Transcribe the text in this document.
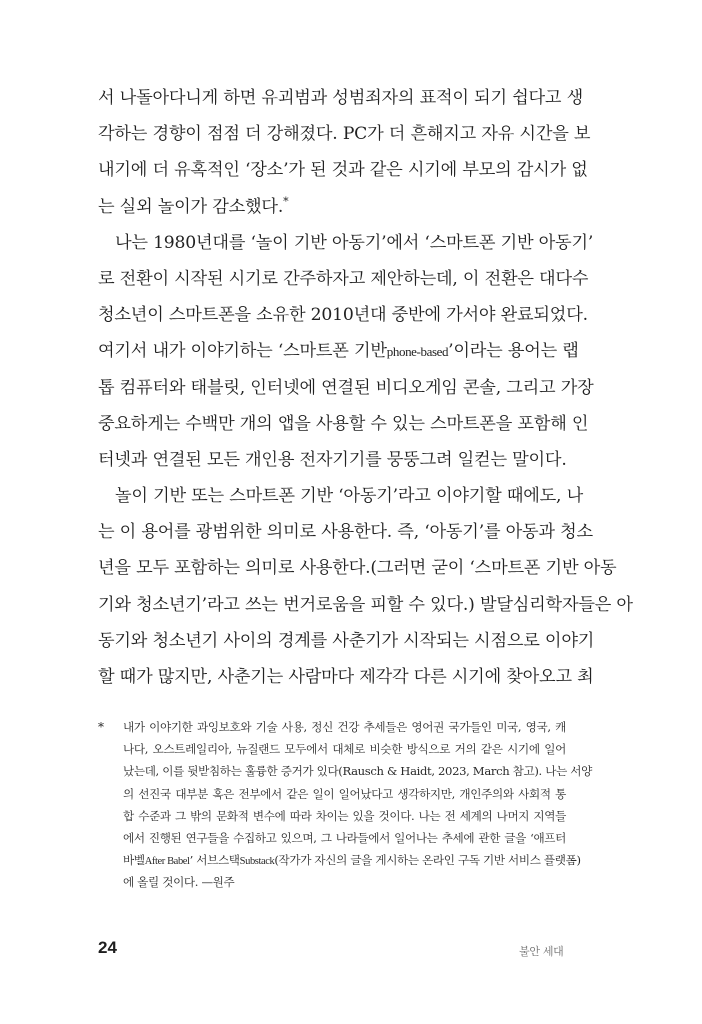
서 나돌아다니게 하면 유괴범과 성범죄자의 표적이 되기 쉽다고 생
각하는 경향이 점점 더 강해졌다. PC가 더 흔해지고 자유 시간을 보
내기에 더 유혹적인 ‘장소’가 된 것과 같은 시기에 부모의 감시가 없
는 실외 놀이가 감소했다.*
나는 1980년대를 ‘놀이 기반 아동기’에서 ‘스마트폰 기반 아동기’
로 전환이 시작된 시기로 간주하자고 제안하는데, 이 전환은 대다수
청소년이 스마트폰을 소유한 2010년대 중반에 가서야 완료되었다.
여기서 내가 이야기하는 ‘스마트폰 기반phone-based’이라는 용어는 랩
톱 컴퓨터와 태블릿, 인터넷에 연결된 비디오게임 콘솔, 그리고 가장
중요하게는 수백만 개의 앱을 사용할 수 있는 스마트폰을 포함해 인
터넷과 연결된 모든 개인용 전자기기를 뭉뚱그려 일컫는 말이다.
놀이 기반 또는 스마트폰 기반 ‘아동기’라고 이야기할 때에도, 나
는 이 용어를 광범위한 의미로 사용한다. 즉, ‘아동기’를 아동과 청소
년을 모두 포함하는 의미로 사용한다.(그러면 굳이 ‘스마트폰 기반 아동
기와 청소년기’라고 쓰는 번거로움을 피할 수 있다.) 발달심리학자들은 아
동기와 청소년기 사이의 경계를 사춘기가 시작되는 시점으로 이야기
할 때가 많지만, 사춘기는 사람마다 제각각 다른 시기에 찾아오고 최
*	내가 이야기한 과잉보호와 기술 사용, 정신 건강 추세들은 영어권 국가들인 미국, 영국, 캐
나다, 오스트레일리아, 뉴질랜드 모두에서 대체로 비슷한 방식으로 거의 같은 시기에 일어
났는데, 이를 뒷받침하는 훌륭한 증거가 있다(Rausch & Haidt, 2023, March 참고). 나는 서양
의 선진국 대부분 혹은 전부에서 같은 일이 일어났다고 생각하지만, 개인주의와 사회적 통
합 수준과 그 밖의 문화적 변수에 따라 차이는 있을 것이다. 나는 전 세계의 나머지 지역들
에서 진행된 연구들을 수집하고 있으며, 그 나라들에서 일어나는 추세에 관한 글을 ‘애프터
바벨After Babel’ 서브스택Substack(작가가 자신의 글을 게시하는 온라인 구독 기반 서비스 플랫폼)
에 올릴 것이다. —원주
24	불안 세대
